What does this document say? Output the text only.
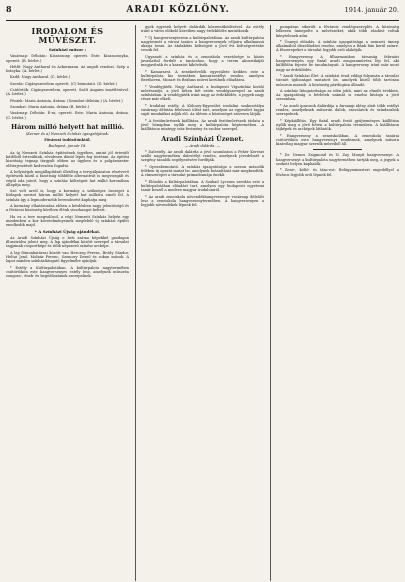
8	ARADI KÖZLÖNY.	1914. január 20.
IRODALOM ÉS MŰVÉSZET.
Színházi műsor :
Vasárnap: Délután: Kisasszony, operett. Este: Kisasszonyka, operett. (B. bérlet.)
Hétfő: Nagy Antharal és Ackermann. Az angolt rendezi. Szép a leányka. (A. bérlet.)
Kedd: Nagy Antharal. (C. bérlet.)
Szerda: Cigányszerelem operett. (C) bemutató. (D. bérlet.)
Csütörtök: Cigányszerelem, operett. Szólt Angaim ismétlésével. (A. bérlet.)
Péntek: Maria Antonia, dráma. (Szombat délután.) (A. bérlet.)
Szombat: Maria Antonia, dráma (B. bérlet.)
Vasárnap: Délután: É-ra, operett. Este: Maria Antonia, dráma. (C. bérlet.)
Három milló helyett hat millió.
(Kerner és a) Nemzeti Színház igazgatójának.
Fővárosi tudósítónktól.
Budapest, január 18.
Az új Nemzeti Színház építésének ügyében, amint jól értesült kútfőből értesülünk, rövidesen döntő lépés fog történni. Az építési bizottság tegnap tárgyalt ebben az ügyben és a polgármester előterjesztését kedvezően fogadta.
A helyiségek megállapítását illetőleg a tervpályázaton résztvevő építészek közül a bizottság többféle alternatívát is megvizsgált és végül oda jutott, hogy a színház költségeit hat millió koronában állapítja meg.
Szó volt arról is, hogy a kormány a szükséges összeget a hírlapok szerint három millió helyett hat millióra emeli fel. A színház így a legmodernebb berendezést kaphatja meg.
A kormány elhatározása ebben a kérdésben nagy jelentőségű és a fővárosi közönség körében élénk visszhangot keltett.
Ha ez a terv megvalósul, a régi Nemzeti Színház helyén egy mindenben a kor követelményeinek megfelelő új színházi épület emelkedik majd.
* A Színházi Újság ajándékai.
Az Aradi Színházi Újság e heti száma képekkel gazdagon illusztrálva jelent meg. A lap ajándékai között szerepel a társulat tagjainak csoportképe és több népszerű színész arcképe.
A lap főmunkatársai között van Herczeg Ferenc, Bródy Sándor, Heltai Jenő, Molnár Ferenc, Szomory Dezső és sokan mások. A lapot minden színházlátogató figyelmébe ajánljuk.
* Estély a Kultúrpalotában. A kultúrpalota nagytermében csütörtökön este hangversenyes estély lesz, amelynek műsorán zongora-, ének- és hegedűszámok szerepelnek.
gyek egyesek helyett dalárdák közreműködésével. Az estély iránt a város előkelő köreiben nagy érdeklődés mutatkozik.
* Új hangversenyterem a kultúrpalotában. Az aradi kultúrpalota nagytermét a városi tanács a hangversenyek céljaira alkalmassá akarja tenni. Az átalakítás költségeit a jövő évi költségvetésbe veszik fel.
Ugyanott a színház és a zeneiskola vezetősége is közös javaslattal fordult a tanácshoz, hogy a terem akusztikáját megjavítsák és a karzatot kibővítsék.
* Kamaraest. A zenekedvelők egyesülete kedden este a kultúrpalota kis termében kamaraestélyt rendez, amelyen Beethoven, Mozart és Brahms művei kerülnek előadásra.
* Vendégjáték. Nagy Antharal, a budapesti Vígszínház kiváló művésznője, a jövő héten két estén vendégszerepel az aradi színházban. A vendégjáték iránt nagy az érdeklődés, a jegyek nagy része már elkelt.
* Irodalmi estély. A Kölcsey-Egyesület irodalmi szakosztálya vasárnap délután felolvasó ülést tart, amelyen az egyesület tagjai saját munkáikat adják elő. Az ülésen a közönséget szívesen látják.
* A festőművészek kiállítása. Az aradi festőművészek tárlata a jövő hónapban nyílik meg a kultúrpalota képtermében. A kiállításon mintegy száz festmény és szobor szerepel.
Aradi Színházi Üzenet.
— Aradi dalárda. —
* Dalestély. Az aradi dalárda a jövő szombaton a Fehér Kereszt szálló nagytermében dalestélyt rendez, amelynek jövedelmét a szegény tanulók segélyezésére fordítják.
* Operabemutató. A színház igazgatósága a szezon második felében új operát mutat be, amelynek betanítását már megkezdték. A címszerepet a társulat primadonnája énekli.
* Előadás a Kultúrpalotában. A Szabad Lyceum szerdán este a kultúrpalotában előadást tart, amelyen egy budapesti egyetemi tanár beszél a modern magyar irodalomról.
* Az aradi zeneiskola növendékhangversenye vasárnap délelőtt lesz a zeneiskola hangversenytermében. A hangversenyen a legjobb növendékek lépnek fel.
pompásan sikerült a fővárosi vendégszereplés. A közönség lelkesen ünnepelte a művészeket, akik több ráadást voltak kénytelenek adni.
* Ünnepi előadás. A színház igazgatósága a nemzeti ünnep alkalmából díszelőadást rendez, amelyen a Bánk bán kerül színre. A főszerepeket a társulat legjobb erői alakítják.
* Hangverseny. A filharmonikus társaság februári hangversenyén egy fiatal aradi zongoraművész lép fel, aki külföldön fejezte be tanulmányait. A hangverseny iránt már most nagy az érdeklődés.
* Aradi Színházi Élet. A színházi évad eddigi folyamán a társulat tizenöt újdonságot mutatott be, amelyek közül több tartósan műsoron maradt. A közönség pártfogása állandó.
A színház látogatottsága az idén jobb, mint az elmúlt években. Az igazgatóság a bérletek számát is emelni kívánja a jövő szezonban.
* Az aradi iparosok dalárdája a farsangi idény alatt több estélyt rendez, amelyeknek műsorán dalok, szavalatok és színdarabok szerepelnek.
* Képkiállítás. Egy fiatal aradi festő gyűjteményes kiállítása nyílik meg a jövő héten a kultúrpalota termeiben. A kiállításon tájképek és arcképek láthatók.
* Hangverseny a zeneiskolában. A zeneiskola tanárai csütörtökön este hangversenyt rendeznek, amelynek műsora kizárólag magyar szerzők műveiből áll.
* Dr. Nemes Zsigmond és N. Zay Margit hangversenye. A hangversenyt a kultúrpalota nagytermében tartják meg, a jegyek a szokott helyen kaphatók.
* Zene-, költő- és tánc-est: Belügyminiszteri engedéllyel a főváros legjobb erői lépnek fel.
